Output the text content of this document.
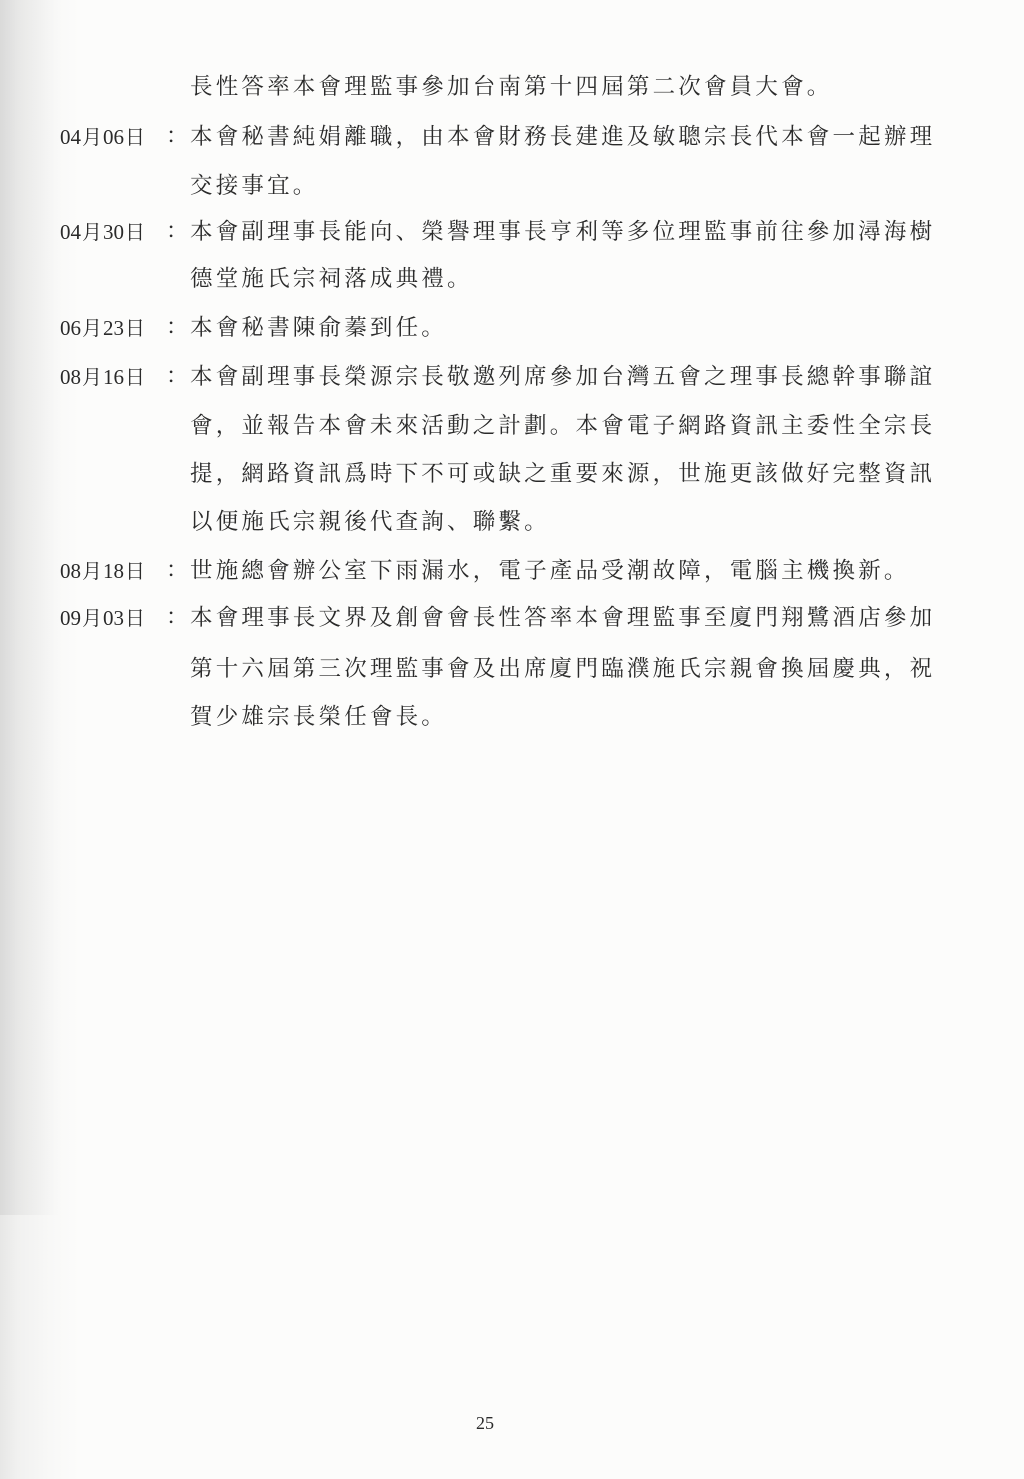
長性答率本會理監事參加台南第十四屆第二次會員大會。
04月06日 ： 本會秘書純娟離職，由本會財務長建進及敏聰宗長代本會一起辦理
交接事宜。
04月30日 ： 本會副理事長能向、榮譽理事長亨利等多位理監事前往參加潯海樹
德堂施氏宗祠落成典禮。
06月23日 ： 本會秘書陳俞蓁到任。
08月16日 ： 本會副理事長榮源宗長敬邀列席參加台灣五會之理事長總幹事聯誼
會，並報告本會未來活動之計劃。本會電子網路資訊主委性全宗長
提，網路資訊爲時下不可或缺之重要來源，世施更該做好完整資訊
以便施氏宗親後代查詢、聯繫。
08月18日 ： 世施總會辦公室下雨漏水，電子產品受潮故障，電腦主機換新。
09月03日 ： 本會理事長文界及創會會長性答率本會理監事至廈門翔鷺酒店參加
第十六屆第三次理監事會及出席廈門臨濮施氏宗親會換屆慶典，祝
賀少雄宗長榮任會長。
25
